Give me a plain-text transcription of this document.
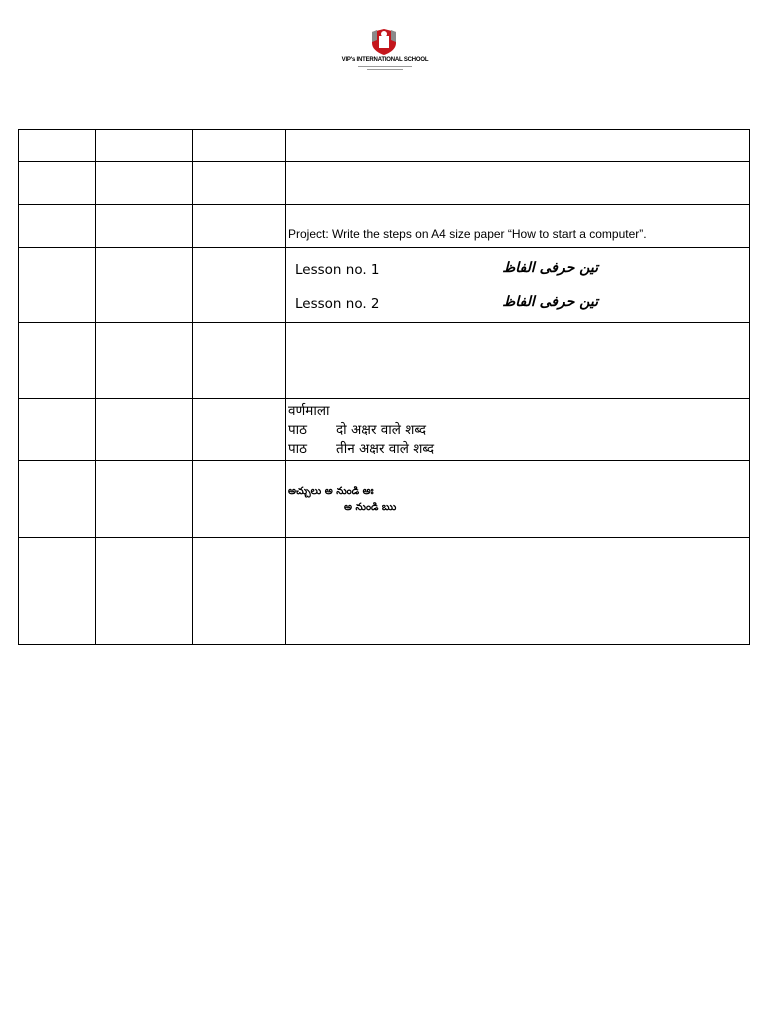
VIP's INTERNATIONAL SCHOOL

			Project: Write the steps on A4 size paper “How to start a computer”.

			Lesson no. 1 تین حرفی الفاظ
Lesson no. 2 تین حرفی الفاظ

			वर्णमाला
पाठ दो अक्षर वाले शब्द
पाठ तीन अक्षर वाले शब्द

			అచ్చులు అ నుండి అః
అ నుండి ఋ
